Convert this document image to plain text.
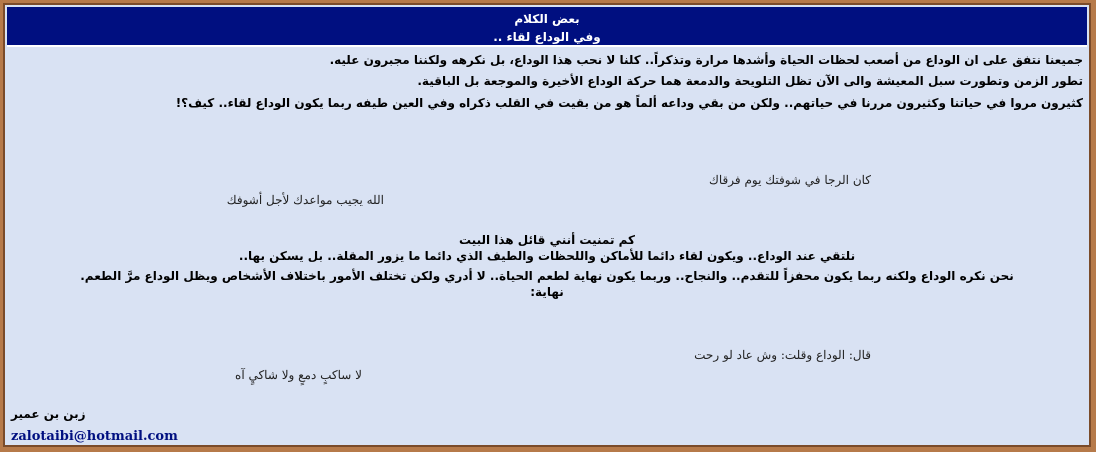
بعض الكلام
.. وفي الوداع لقاء
جميعنا نتفق على ان الوداع من أصعب لحظات الحياة وأشدها مرارة وتذكراً.. كلنا لا نحب هذا الوداع، بل نكرهه ولكننا مجبرون عليه.
تطور الزمن وتطورت سبل المعيشة والى الآن تظل التلويحة والدمعة هما حركة الوداع الأخيرة والموجعة بل الباقية.
كثيرون مروا في حياتنا وكثيرون مررنا في حياتهم.. ولكن من بقي وداعه ألماً هو من بقيت في القلب ذكراه وفي العين طيفه ربما يكون الوداع لقاء.. كيف؟!
كان الرجا في شوفتك يوم فرقاك
الله يجيب مواعدك لأجل أشوفك
كم تمنيت أنني قائل هذا البيت
نلتقي عند الوداع.. ويكون لقاء دائما للأماكن واللحظات والطيف الذي دائما ما يزور المقلة.. بل يسكن بها..
نحن نكره الوداع ولكنه ربما يكون محفزاً للتقدم.. والنجاح.. وربما يكون نهاية لطعم الحياة.. لا أدري ولكن تختلف الأمور باختلاف الأشخاص ويظل الوداع مرَّ الطعم.
نهاية:
قال: الوداع وقلت: وش عاد لو رحت
لا ساكبٍ دمعٍ ولا شاكيٍ آه
زبن بن عمير
zalotaibi@hotmail.com
